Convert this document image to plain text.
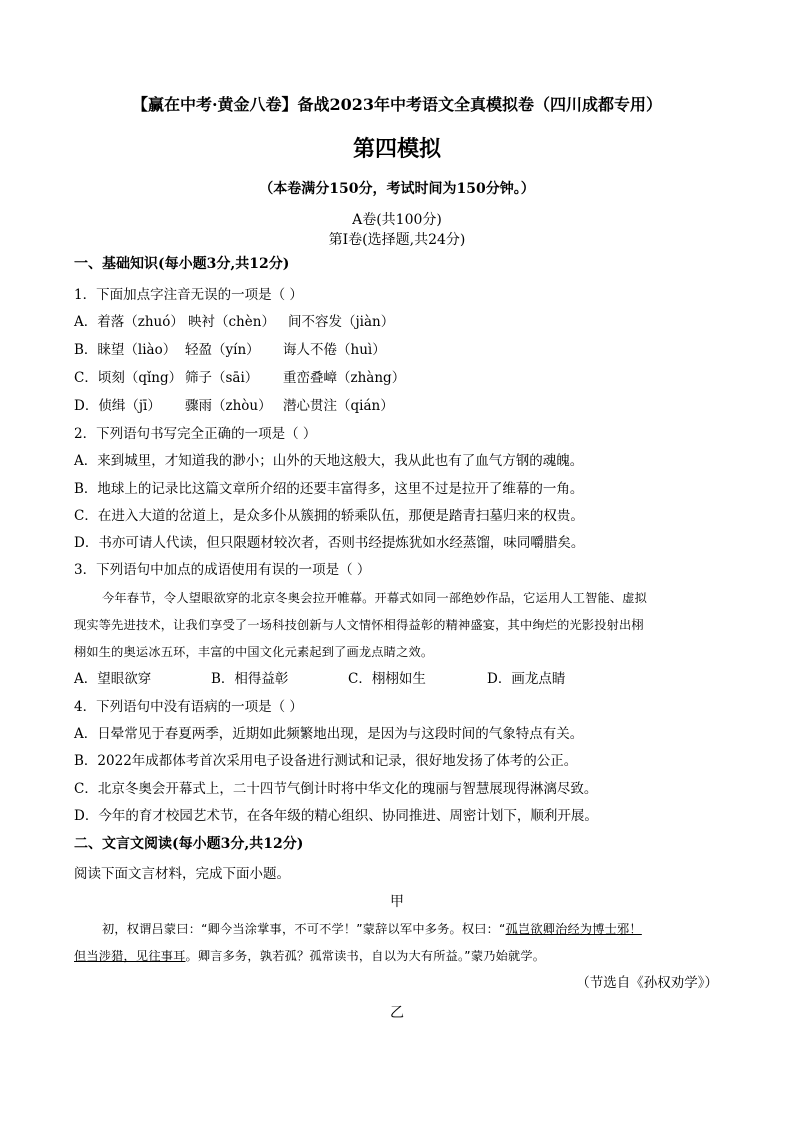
【赢在中考·黄金八卷】备战2023年中考语文全真模拟卷（四川成都专用）
第四模拟
（本卷满分150分，考试时间为150分钟。）
A卷(共100分)
第Ⅰ卷(选择题,共24分)
一、基础知识(每小题3分,共12分)
1．下面加点字注音无误的一项是（ ）
A．着落（zhuó） 映衬（chèn） 间不容发（jiàn）
B．睐望（liào） 轻盈（yín） 诲人不倦（huì）
C．顷刻（qǐng） 筛子（sāi） 重峦叠嶂（zhàng）
D．侦缉（jī） 骤雨（zhòu） 潜心贯注（qián）
2．下列语句书写完全正确的一项是（ ）
A．来到城里，才知道我的渺小；山外的天地这般大，我从此也有了血气方钢的魂魄。
B．地球上的记录比这篇文章所介绍的还要丰富得多，这里不过是拉开了维幕的一角。
C．在进入大道的岔道上，是众多仆从簇拥的轿乘队伍，那便是踏青扫墓归来的权贵。
D．书亦可请人代读，但只限题材较次者，否则书经提炼犹如水经蒸馏，味同嚼腊矣。
3．下列语句中加点的成语使用有误的一项是（ ）
今年春节，令人望眼欲穿的北京冬奥会拉开帷幕。开幕式如同一部绝妙作品，它运用人工智能、虚拟
现实等先进技术，让我们享受了一场科技创新与人文情怀相得益彰的精神盛宴，其中绚烂的光影投射出栩
栩如生的奥运冰五环，丰富的中国文化元素起到了画龙点睛之效。
A．望眼欲穿	B．相得益彰	C．栩栩如生	D．画龙点睛
4．下列语句中没有语病的一项是（ ）
A．日晕常见于春夏两季，近期如此频繁地出现，是因为与这段时间的气象特点有关。
B．2022年成都体考首次采用电子设备进行测试和记录，很好地发扬了体考的公正。
C．北京冬奥会开幕式上，二十四节气倒计时将中华文化的瑰丽与智慧展现得淋漓尽致。
D．今年的育才校园艺术节，在各年级的精心组织、协同推进、周密计划下，顺利开展。
二、文言文阅读(每小题3分,共12分)
阅读下面文言材料，完成下面小题。
甲
初，权谓吕蒙曰：“卿今当涂掌事，不可不学！”蒙辞以军中多务。权曰：“孤岂欲卿治经为博士邪！
但当涉猎，见往事耳。卿言多务，孰若孤？孤常读书，自以为大有所益。”蒙乃始就学。
（节选自《孙权劝学》）
乙
